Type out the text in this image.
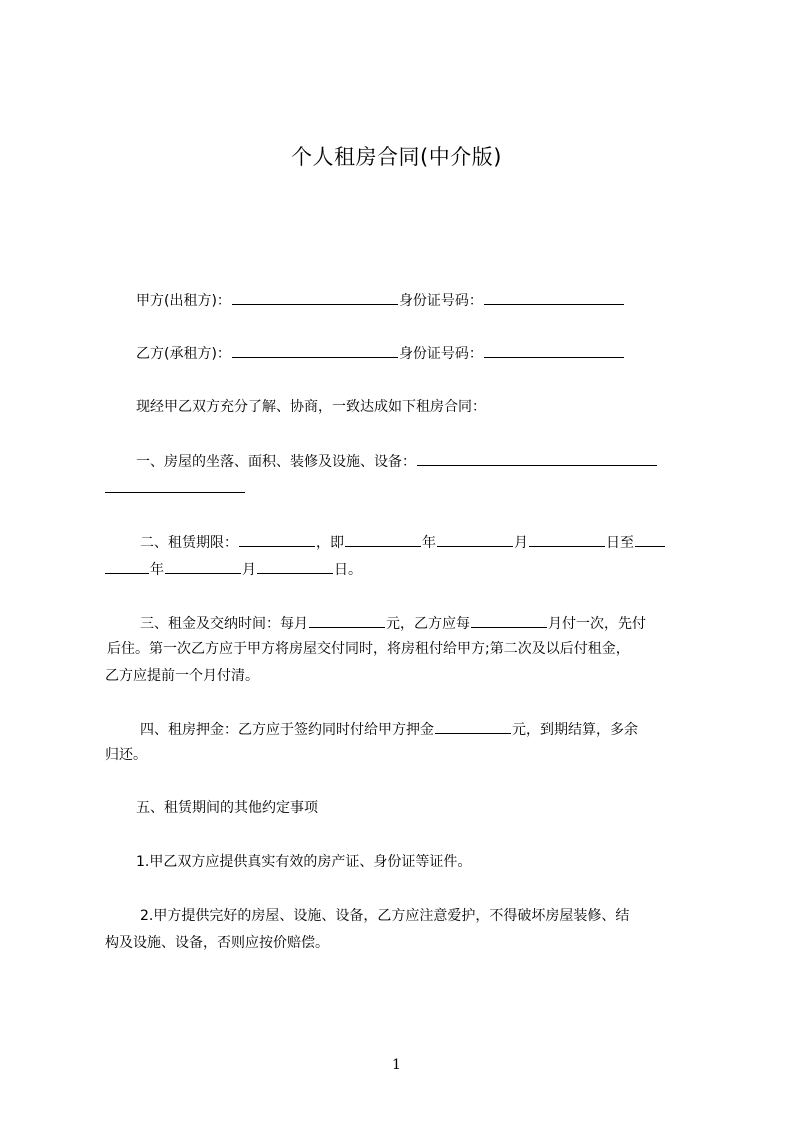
个人租房合同(中介版)
甲方(出租方)：	身份证号码：
乙方(承租方)：	身份证号码：
现经甲乙双方充分了解、协商，一致达成如下租房合同：
一、房屋的坐落、面积、装修及设施、设备：
二、租赁期限：	，即	年	月	日至
年	月	日。
三、租金及交纳时间：每月	元，乙方应每	月付一次，先付
后住。第一次乙方应于甲方将房屋交付同时，将房租付给甲方;第二次及以后付租金，
乙方应提前一个月付清。
四、租房押金：乙方应于签约同时付给甲方押金	元，到期结算，多余
归还。
五、租赁期间的其他约定事项
1.甲乙双方应提供真实有效的房产证、身份证等证件。
2.甲方提供完好的房屋、设施、设备，乙方应注意爱护，不得破坏房屋装修、结
构及设施、设备，否则应按价赔偿。
1
